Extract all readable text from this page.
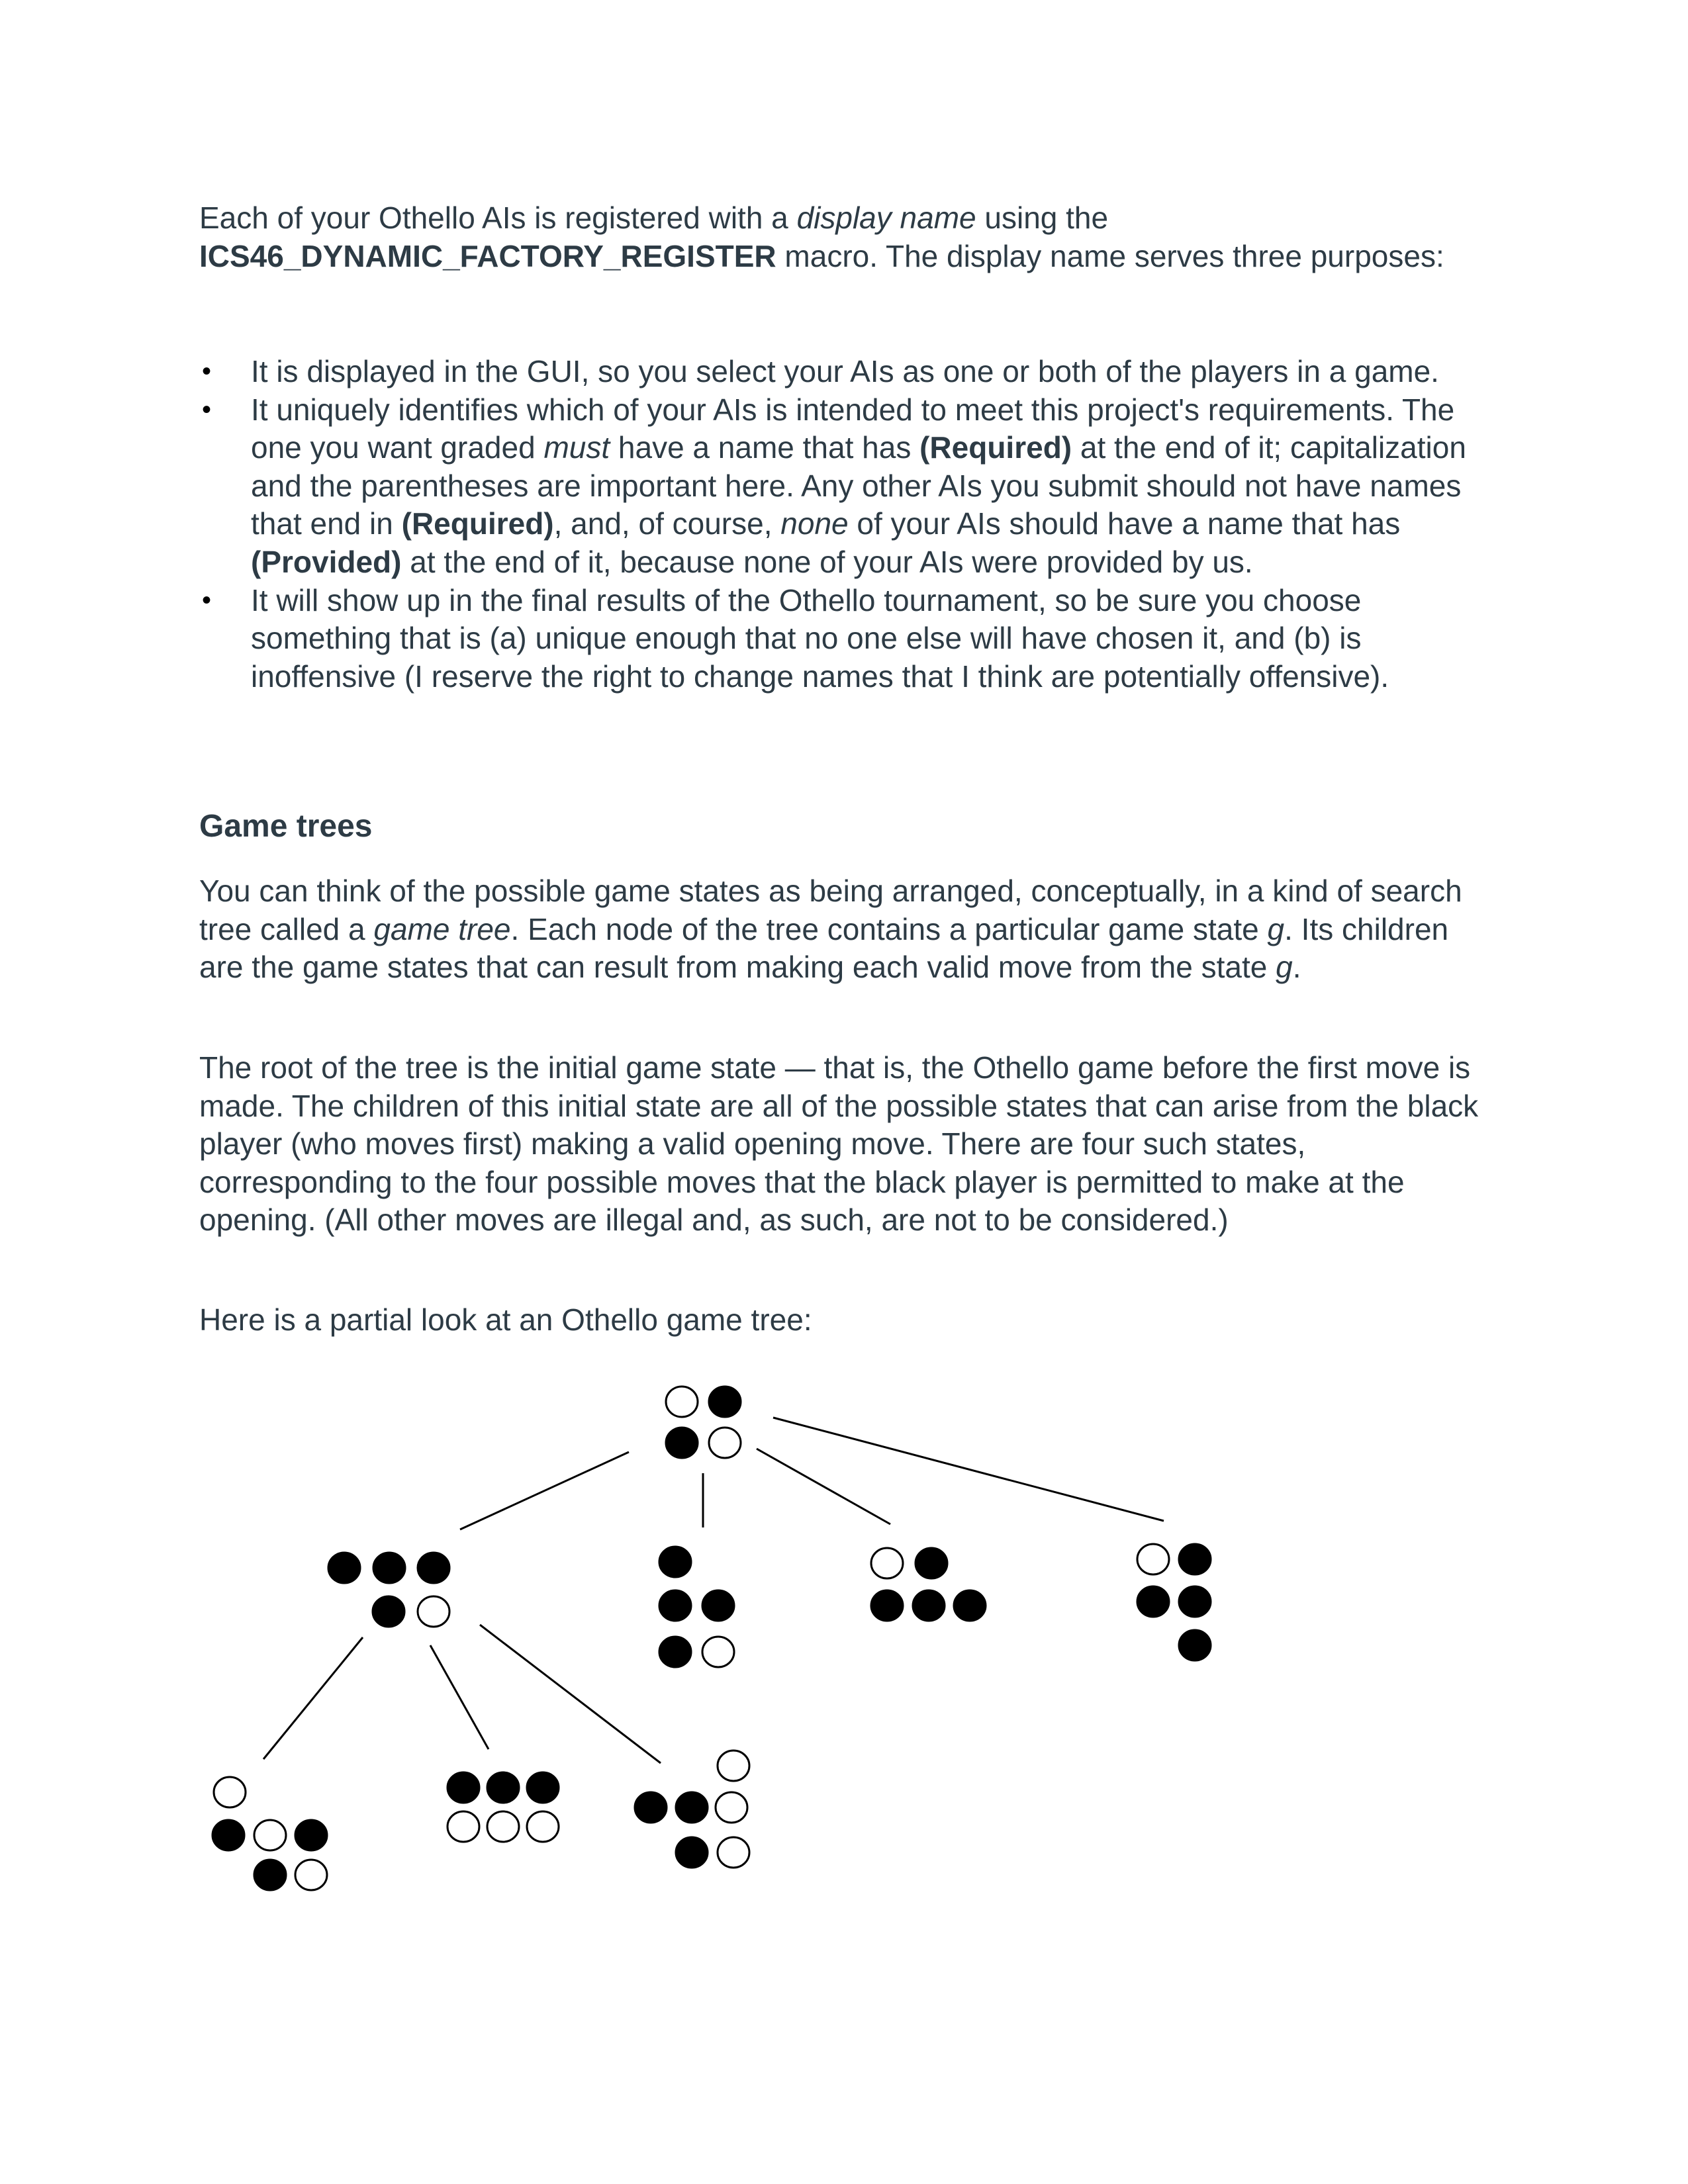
Each of your Othello AIs is registered with a display name using the ICS46_DYNAMIC_FACTORY_REGISTER macro. The display name serves three purposes:

• It is displayed in the GUI, so you select your AIs as one or both of the players in a game.
• It uniquely identifies which of your AIs is intended to meet this project's requirements. The one you want graded must have a name that has (Required) at the end of it; capitalization and the parentheses are important here. Any other AIs you submit should not have names that end in (Required), and, of course, none of your AIs should have a name that has (Provided) at the end of it, because none of your AIs were provided by us.
• It will show up in the final results of the Othello tournament, so be sure you choose something that is (a) unique enough that no one else will have chosen it, and (b) is inoffensive (I reserve the right to change names that I think are potentially offensive).
Game trees

You can think of the possible game states as being arranged, conceptually, in a kind of search tree called a game tree. Each node of the tree contains a particular game state g. Its children are the game states that can result from making each valid move from the state g.

The root of the tree is the initial game state — that is, the Othello game before the first move is made. The children of this initial state are all of the possible states that can arise from the black player (who moves first) making a valid opening move. There are four such states, corresponding to the four possible moves that the black player is permitted to make at the opening. (All other moves are illegal and, as such, are not to be considered.)

Here is a partial look at an Othello game tree:
